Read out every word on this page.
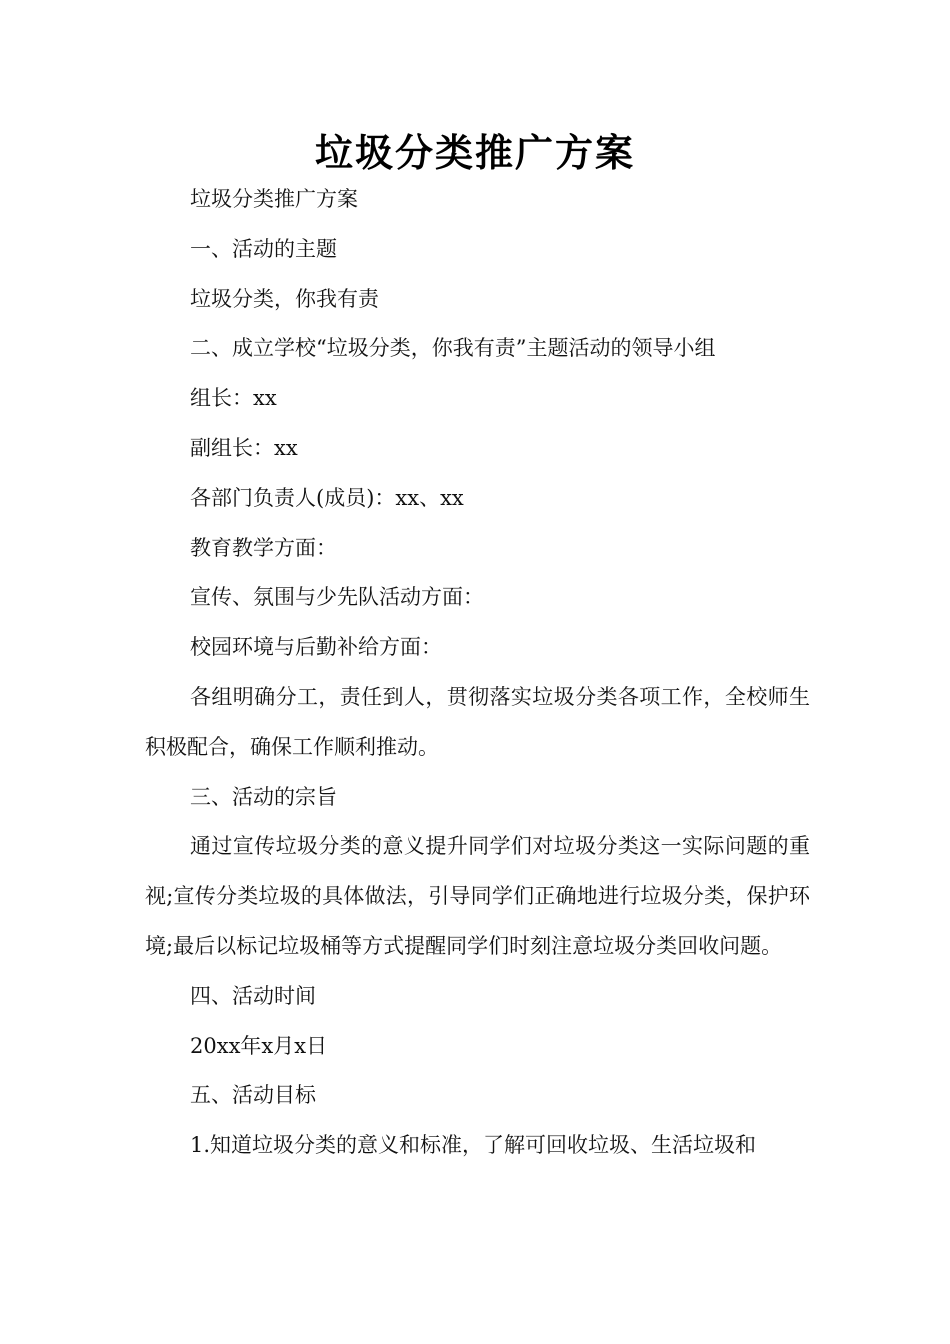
垃圾分类推广方案

垃圾分类推广方案

一、活动的主题

垃圾分类，你我有责

二、成立学校“垃圾分类，你我有责”主题活动的领导小组

组长：xx

副组长：xx

各部门负责人(成员)：xx、xx

教育教学方面：

宣传、氛围与少先队活动方面：

校园环境与后勤补给方面：

各组明确分工，责任到人，贯彻落实垃圾分类各项工作，全校师生积极配合，确保工作顺利推动。

三、活动的宗旨

通过宣传垃圾分类的意义提升同学们对垃圾分类这一实际问题的重视;宣传分类垃圾的具体做法，引导同学们正确地进行垃圾分类，保护环境;最后以标记垃圾桶等方式提醒同学们时刻注意垃圾分类回收问题。

四、活动时间

20xx年x月x日

五、活动目标

1.知道垃圾分类的意义和标准，了解可回收垃圾、生活垃圾和
